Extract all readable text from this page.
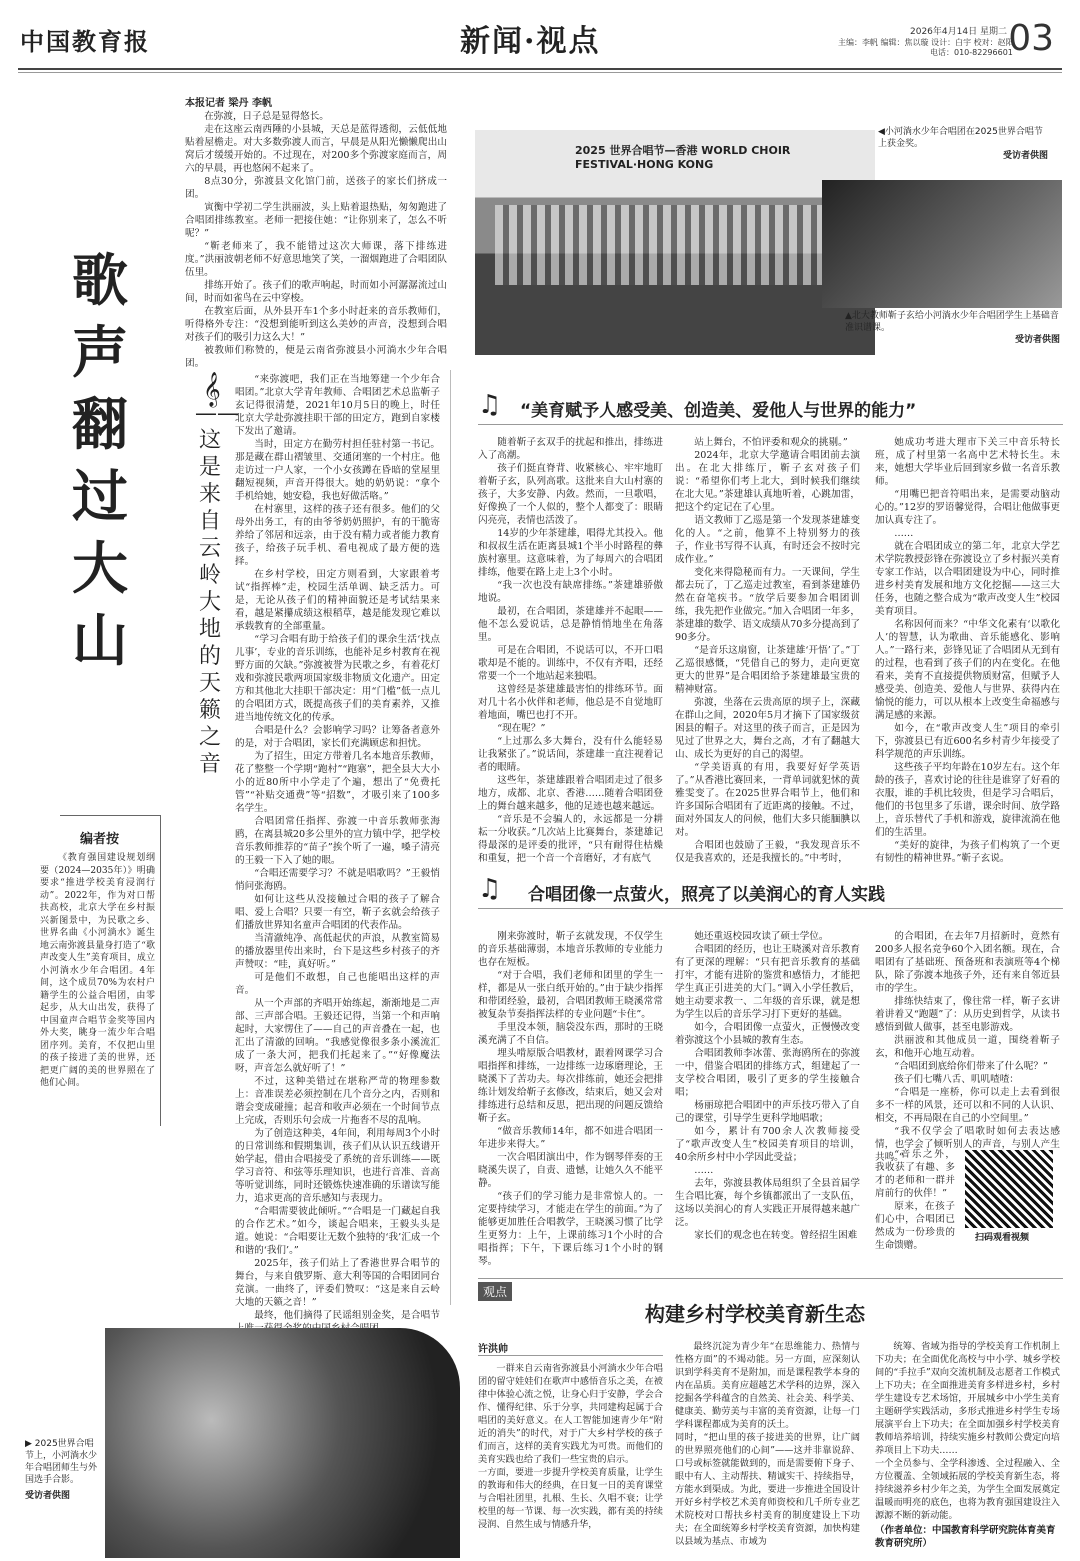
中国教育报	新闻·视点	2026年4月14日 星期二
主编：李帆 编辑：焦以璇 设计：白宇 校对：赵阳
电话：010-82296601
03
歌声翻过大山
𝄞
——这是来自云岭大地的天籁之音
本报记者 梁丹 李帆

在弥渡，日子总是显得悠长。

走在这座云南西陲的小县城，天总是蓝得透彻，云低低地贴着屋檐走。对大多数弥渡人而言，早晨是从阳光懒懒爬出山窝后才缓缓开始的。不过现在，对200多个弥渡家庭而言，周六的早晨，再也悠闲不起来了。

8点30分，弥渡县文化馆门前，送孩子的家长们挤成一团。

寅衡中学初二学生洪丽波，头上贴着退热贴，匆匆跑进了合唱团排练教室。老师一把接住她：“让你别来了，怎么不听呢？”

“靳老师来了，我不能错过这次大师课，落下排练进度。”洪丽波朝老师不好意思地笑了笑，一溜烟跑进了合唱团队伍里。

排练开始了。孩子们的歌声响起，时而如小河潺潺流过山间，时而如雀鸟在云中穿梭。

在教室后面，从外县开车1个多小时赶来的音乐教师们，听得格外专注：“没想到能听到这么美妙的声音，没想到合唱对孩子们的吸引力这么大！”

被教师们称赞的，便是云南省弥渡县小河淌水少年合唱团。

2025 世界合唱节—香港 WORLD CHOIR FESTIVAL·HONG KONG
◀小河淌水少年合唱团在2025世界合唱节上获金奖。
受访者供图
▲北大教师靳子玄给小河淌水少年合唱团学生上基础音准识谱课。
受访者供图

“来弥渡吧，我们正在当地筹建一个少年合唱团。”北京大学青年教师、合唱团艺术总监靳子玄记得很清楚，2021年10月5日的晚上，时任北京大学赴弥渡挂职干部的田定方，跑到自家楼下发出了邀请。

当时，田定方在勤劳村担任驻村第一书记。那是藏在群山褶皱里、交通闭塞的一个村庄。他走访过一户人家，一个小女孩蹲在昏暗的堂屋里翻短视频，声音开得很大。她的奶奶说：“拿个手机给她，她安稳，我也好做活咯。”

在村寨里，这样的孩子还有很多。他们的父母外出务工，有的由爷爷奶奶照护，有的干脆寄养给了邻居和远亲，由于没有精力或者能力教育孩子，给孩子玩手机、看电视成了最方便的选择。

在乡村学校，田定方则看到，大家跟着考试“指挥棒”走，校园生活单调、缺乏活力。可是，无论从孩子们的精神面貌还是考试结果来看，越是紧攥成绩这根稻草，越是能发现它难以承载教育的全部重量。

“学习合唱有助于给孩子们的课余生活‘找点儿事’，专业的音乐训练，也能补足乡村教育在视野方面的欠缺。”弥渡被誉为民歌之乡，有着花灯戏和弥渡民歌两项国家级非物质文化遗产。田定方和其他北大挂职干部决定：用“门槛”低一点儿的合唱团方式，既提高孩子们的美育素养，又推进当地传统文化的传承。

合唱是什么？会影响学习吗？让筹备者意外的是，对于合唱团，家长们充满顾虑和担忧。

为了招生，田定方带着几名本地音乐教师，花了整整一个学期“跑村”“跑寨”，把全县大大小小的近80所中小学走了个遍，想出了“免费托管”“补贴交通费”等“招数”，才吸引来了100多名学生。

合唱团常任指挥、弥渡一中音乐教师张海鸥，在离县城20多公里外的宣力镇中学，把学校音乐教师推荐的“苗子”挨个听了一遍，嗓子清亮的王毅一下入了她的眼。

“合唱还需要学习？不就是唱歌吗？”王毅悄悄问张海鸥。

如何让这些从没接触过合唱的孩子了解合唱、爱上合唱？只要一有空，靳子玄就会给孩子们播放世界知名童声合唱团的代表作品。

当清澈纯净、高低起伏的声浪，从教室简易的播放器里传出来时，台下是这些乡村孩子的齐声赞叹：“哇，真好听。”

可是他们不敢想，自己也能唱出这样的声音。

从一个声部的齐唱开始练起，渐渐地是二声部、三声部合唱。王毅还记得，当第一个和声响起时，大家愣住了——自己的声音叠在一起，也汇出了清澈的回响。“我感觉像很多条小溪流汇成了一条大河，把我们托起来了。”“好像魔法呀，声音怎么就好听了！”

不过，这种美错过在堪称严苛的物理参数上：音准误差必须控制在几个音分之内，否则和谐会变成碰撞；起音和收声必须在一个时间节点上完成，否则乐句会成一片拖沓不尽的乱响。

为了创造这种美，4年间，利用每周3个小时的日常训练和假期集训，孩子们从认识五线谱开始学起，借由合唱接受了系统的音乐训练——既学习音符、和弦等乐理知识，也进行音准、音高等听觉训练，同时还锻炼快速准确的乐谱读写能力，追求更高的音乐感知与表现力。

“合唱需要彼此倾听。”“合唱是一门藏起自我的合作艺术。”如今，谈起合唱来，王毅头头是道。她说：“合唱要让无数个独特的‘我’汇成一个和谐的‘我们’。”

2025年，孩子们站上了香港世界合唱节的舞台，与来自俄罗斯、意大利等国的合唱团同台竞演。一曲终了，评委们赞叹：“这是来自云岭大地的天籁之音！”

最终，他们摘得了民谣组别金奖，是合唱节

编者按
《教育强国建设规划纲要（2024—2035年）》明确要求“推进学校美育浸润行动”。2022年，作为对口帮扶高校，北京大学在乡村振兴新图景中，为民歌之乡、世界名曲《小河淌水》诞生地云南弥渡县量身打造了“歌声改变人生”美育项目，成立小河淌水少年合唱团。4年间，这个成员70%为农村户籍学生的公益合唱团，由零起步，从大山出发，获得了中国童声合唱节金奖等国内外大奖，眺身一流少年合唱团序列。美育，不仅把山里的孩子接进了美的世界，还把更广阔的美的世界照在了他们心间。
♫ “美育赋予人感受美、创造美、爱他人与世界的能力”

随着靳子玄双手的扰起和推出，排练进入了高潮。

孩子们挺直脊背、收紧核心、牢牢地盯着靳子玄，队列高歌。这批来自大山村寨的孩子，大多安静、内敛。然而，一旦歌唱，好像换了一个人似的，整个人都变了：眼睛闪亮亮，表情也活泼了。

14岁的少年茶建雄，唱得尤其投入。他和叔叔生活在距离县城1个半小时路程的彝族村寨里。这意味着，为了每周六的合唱团排练，他要在路上走上3个小时。

“我一次也没有缺席排练。”茶建雄骄傲地说。

最初，在合唱团，茶建雄并不起眼——他不怎么爱说话，总是静悄悄地坐在角落里。

可是在合唱团，不说话可以，不开口唱歌却是不能的。训练中，不仅有齐唱，还经常要一个一个地站起来独唱。

这曾经是茶建雄最害怕的排练环节。面对几十名小伙伴和老师，他总是不自觉地盯着地面，嘴巴也打不开。

“现在呢？”

“上过那么多大舞台，没有什么能轻易让我紧张了。”说话间，茶建雄一直注视着记者的眼睛。

这些年，茶建雄跟着合唱团走过了很多地方，成都、北京、香港……随着合唱团登上的舞台越来越多，他的足迹也越来越远。

“音乐是不会骗人的，永远都是一分耕耘一分收获。”几次站上比赛舞台，茶建雄记得最深的是评委的批评，“只有耐得住枯燥和重复，把一个音一个音磨好，才有底气

站上舞台，不怕评委和观众的挑剔。”

2024年，北京大学邀请合唱团前去演出。在北大排练厅，靳子玄对孩子们说：“希望你们考上北大，到时候我们继续在北大见。”茶建雄认真地听着，心跳加雷，把这个约定记在了心里。

语文教师丁乙巡是第一个发现茶建雄变化的人。“之前，他算不上特别努力的孩子，作业书写得不认真，有时还会不按时完成作业。”

变化来得隐秘而有力。一天课间，学生都去玩了，丁乙巡走过教室，看到茶建雄仍然在奋笔疾书。“放学后要参加合唱团训练，我先把作业做完。”加入合唱团一年多，茶建雄的数学、语文成绩从70多分提高到了90多分。

“是音乐这扇窗，让茶建雄‘开悟’了。”丁乙巡很感慨，“凭借自己的努力，走向更宽更大的世界”是合唱团给予茶建雄最宝贵的精神财富。

弥渡，坐落在云贵高原的坝子上，深藏在群山之间，2020年5月才摘下了国家级贫困县的帽子。对这里的孩子而言，正是因为见过了世界之大，舞台之高，才有了翻越大山、成长为更好的自己的渴望。

“学美语真的有用，我要好好学英语了。”从香港比赛回来，一背单词就犯怵的黄雅雯变了。在2025世界合唱节上，他们和许多国际合唱团有了近距离的接触。不过，面对外国友人的问候，他们大多只能腼腆以对。

合唱团也鼓励了王毅，“我发现音乐不仅是我喜欢的，还是我擅长的。”中考时，

她成功考进大理市下关三中音乐特长班，成了村里第一名高中艺术特长生。未来，她想大学毕业后回到家乡做一名音乐教师。

“用嘴巴把音符唱出来，是需要动脑动心的。”12岁的罗语馨觉得，合唱让他做事更加认真专注了。

……

就在合唱团成立的第二年，北京大学艺术学院教授彭锋在弥渡设立了乡村振兴美育专家工作站，以合唱团建设为中心，同时推进乡村美育发展和地方文化挖掘——这三大任务，也随之整合成为“歌声改变人生”校园美育项目。

名称因何而来？“中华文化素有‘以歌化人’的智慧，认为歌曲、音乐能感化、影响人。”一路行来，彭锋见证了合唱团从无到有的过程，也看到了孩子们的内在变化。在他看来，美育不直接提供物质财富，但赋予人感受美、创造美、爱他人与世界、获得内在愉悦的能力，可以从根本上改变生命福感与满足感的来源。

如今，在“歌声改变人生”项目的牵引下，弥渡县已有近600名乡村青少年接受了科学规范的声乐训练。

这些孩子平均年龄在10岁左右。这个年龄的孩子，喜欢讨论的往往是谁穿了好看的衣服，谁的手机比较贵，但是学习合唱后，他们的书包里多了乐谱，课余时间、放学路上，音乐替代了手机和游戏，旋律流淌在他们的生活里。

“美好的旋律，为孩子们构筑了一个更有韧性的精神世界。”靳子玄说。

♫ 合唱团像一点萤火，照亮了以美润心的育人实践

刚来弥渡时，靳子玄就发现，不仅学生的音乐基础薄弱，本地音乐教师的专业能力也存在短板。

“对于合唱，我们老师和团里的学生一样，都是从一张白纸开始的。”由于缺少指挥和带团经验，最初，合唱团教师王晓溪常常被复杂节奏指挥法样的专业问题“卡住”。

手里没本领，脑袋没东西，那时的王晓溪充满了不自信。

埋头啃原版合唱教材，跟着网课学习合唱指挥和排练，一边排练一边琢磨理论，王晓溪下了苦功夫。每次排练前，她还会把排练计划发给靳子玄修改，结束后，她又会对排练进行总结和反思，把出现的问题反馈给靳子玄。

“做音乐教师14年，都不如进合唱团一年进步来得大。”

一次合唱团演出中，作为钢琴伴奏的王晓溪失误了，自责、遗憾，让她久久不能平静。

“孩子们的学习能力是非常惊人的。一定要持续学习，才能走在学生的前面。”为了能够更加胜任合唱教学，王晓溪习惯了比学生更努力：上午，上课前练习1个小时的合唱指挥；下午，下课后练习1个小时的钢琴。

她还重返校园攻读了硕士学位。

合唱团的经历，也让王晓溪对音乐教育有了更深的理解：“只有把音乐教育的基础打牢，才能有进阶的鉴赏和感悟力，才能把学生真正引进美的大门。”调入小学任教后，她主动要求教一、二年级的音乐课，就是想为学生以后的音乐学习打下更好的基础。

如今，合唱团像一点萤火，正慢慢改变着弥渡这个小县城的教育生态。

合唱团教师李冰蕾、张海鸥所在的弥渡一中，借鉴合唱团的排练方式，组建起了一支学校合唱团，吸引了更多的学生接触合唱；

杨丽琼把合唱团中的声乐技巧带入了自己的课堂，引导学生更科学地唱歌；

如今，累计有700余人次教师接受了“歌声改变人生”校园美育项目的培训，40余所乡村中小学因此受益；

……

去年，弥渡县教体局组织了全县首届学生合唱比赛，每个乡镇都派出了一支队伍，这场以美润心的育人实践正开展得越来越广泛。

家长们的观念也在转变。曾经招生困难

的合唱团，在去年7月招新时，竟然有200多人报名竞争60个入团名额。现在，合唱团有了基础班、预备班和表演班等4个梯队，除了弥渡本地孩子外，还有来自邻近县市的学生。

排练快结束了，像往常一样，靳子玄讲着讲着又“跑题”了：从历史到哲学，从读书感悟到做人做事，甚至电影游戏。

洪丽波和其他成员一道，围绕着靳子玄，和他开心地互动着。

“合唱团到底给你们带来了什么呢？”

孩子们七嘴八舌、叽叽喳喳：

“合唱是一座桥，你可以走上去看到很多不一样的风景，还可以和不同的人认识、相交，不再局限在自己的小空间里。”

“我不仅学会了唱歌时如何去表达感情，也学会了倾听别人的声音，与别人产生共鸣。”

“音乐之外，我收获了有趣、多才的老师和一群并肩前行的伙伴！”

原来，在孩子们心中，合唱团已然成为一份珍贵的生命馈赠。

扫码观看视频
▶ 2025世界合唱节上，小河淌水少年合唱团师生与外国选手合影。
受访者供图
观点
构建乡村学校美育新生态
许洪帅
一群来自云南省弥渡县小河淌水少年合唱团的留守娃娃们在歌声中感悟音乐之美，在被律中体验心流之悦，让身心归于安静，学会合作、懂得纪律、乐于分享，共同建构起属于合唱团的美好意义。在人工智能加速青少年“附近的消失”的时代，对于广大乡村学校的孩子们而言，这样的美育实践尤为可贵。而他们的美育实践也给了我们一些宝贵的启示。
一方面，要进一步提升学校美育质量，让学生的教诲和伟大的经典，在日复一日的美育课堂与合唱社团里，扎根、生长、久唱不衰；让学校里的每一节课、每一次实践，都有美的持续浸润、自然生成与情感升华，
最终沉淀为青少年“在思维能力、热情与性格方面”的不竭动能。另一方面，应深刻认识到学科美育不是附加，而是课程教学本身的内在品质。美育应超越艺术学科的边界，深入挖掘各学科蕴含的自然美、社会美、科学美、健康美、勤劳美与丰富的美育资源，让每一门学科课程都成为美育的沃土。
同时，“把山里的孩子接进美的世界，让广阔的世界照亮他们的心间”——这并非靠说辞、口号或标签就能做到的，而是需要俯下身子、眼中有人、主动帮扶、精诚实干、持续指导，方能水到渠成。为此，要进一步推进全国设计开好乡村学校艺术美育师资校和几千所专业艺术院校对口帮扶乡村美育的制度建设上下功夫；在全面统筹乡村学校美育资源，加快构建以县域为基点、市域为
统筹、省域为指导的学校美育工作机制上下功夫；在全面优化高校与中小学、城乡学校间的“手拉手”双向交流机制及志愿者工作模式上下功夫；在全面推进美育多样进乡村，乡村学生建设专艺术场馆，开展城乡中小学生美育主题研学实践活动，多形式推进乡村学生专场展演平台上下功夫；在全面加强乡村学校美育教师培养培训，持续实施乡村教师公费定向培养项目上下功夫……
一个全员参与、全学科渗透、全过程融入、全方位覆盖、全领域拓展的学校美育新生态，将持续滋养乡村少年之美，为学生全面发展奠定温暖而明亮的底色，也将为教育强国建设注入源源不断的新动能。
（作者单位：中国教育科学研究院体育美育教育研究所）
